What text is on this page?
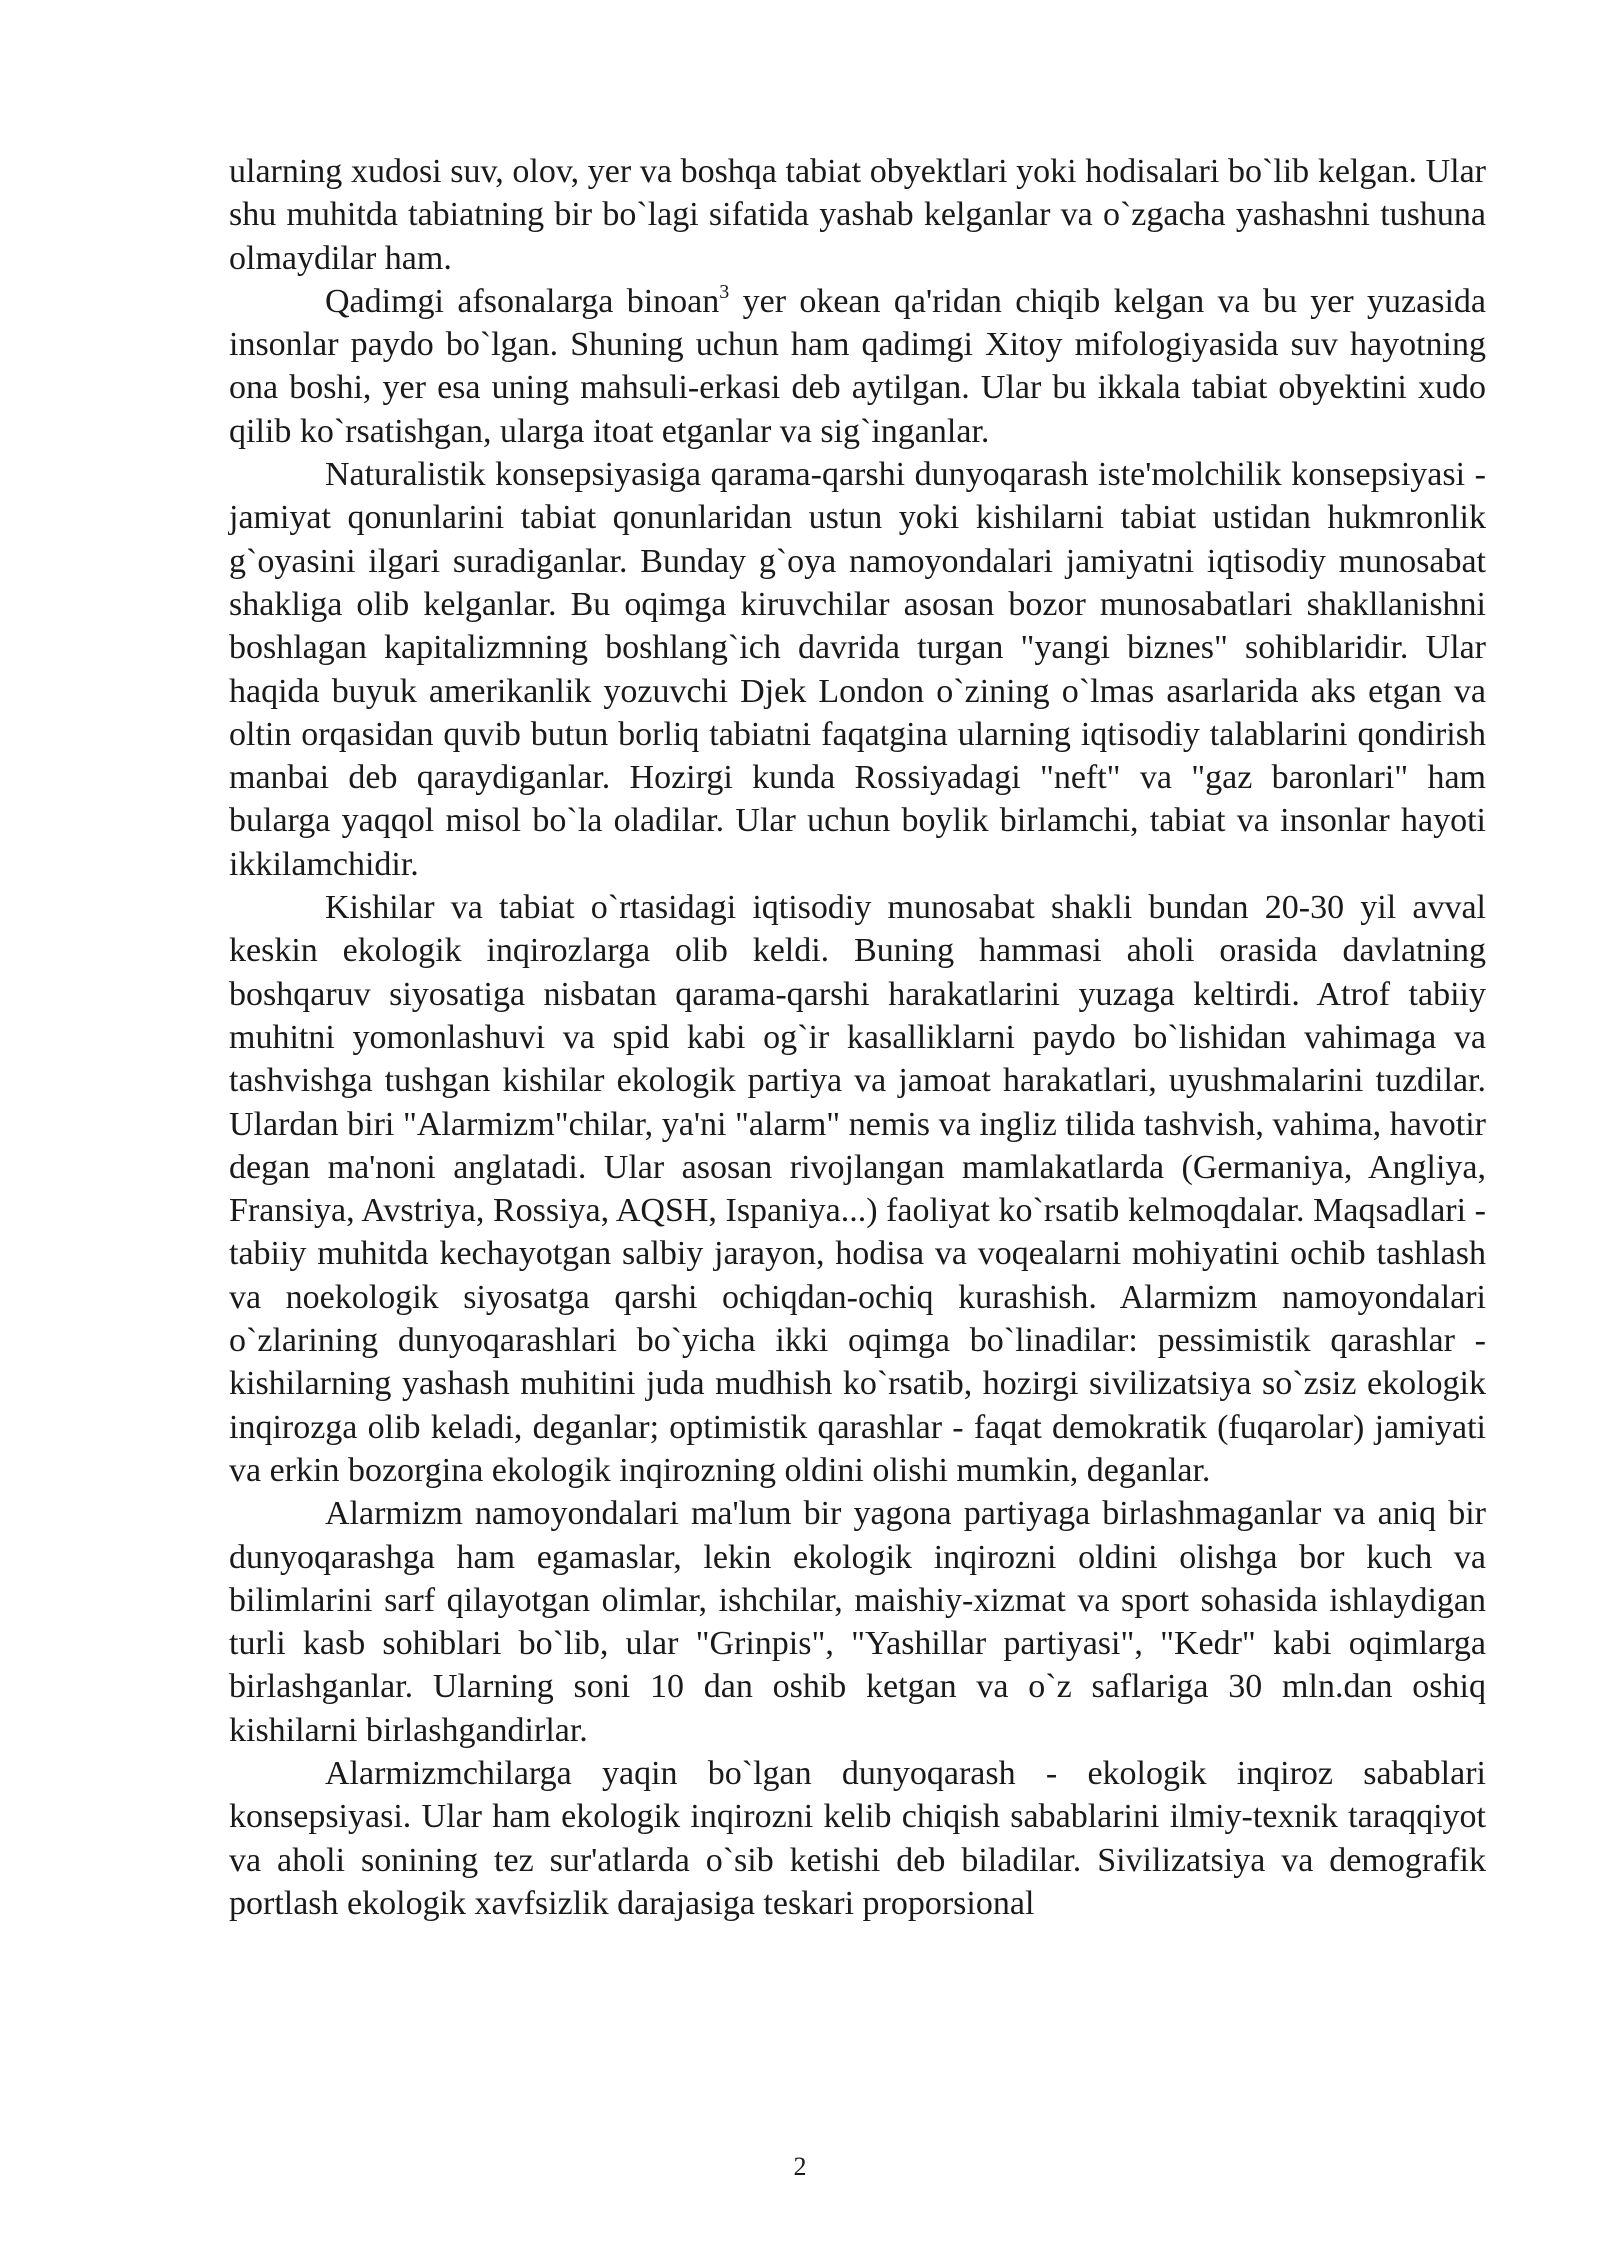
ularning xudosi suv, olov, yer va boshqa tabiat obyektlari yoki hodisalari bo`lib kelgan. Ular shu muhitda tabiatning bir bo`lagi sifatida yashab kelganlar va o`zgacha yashashni tushuna olmaydilar ham.

Qadimgi afsonalarga binoan$^3$ yer okean qa'ridan chiqib kelgan va bu yer yuzasida insonlar paydo bo`lgan. Shuning uchun ham qadimgi Xitoy mifologiyasida suv hayotning ona boshi, yer esa uning mahsuli-erkasi deb aytilgan. Ular bu ikkala tabiat obyektini xudo qilib ko`rsatishgan, ularga itoat etganlar va sig`inganlar.

Naturalistik konsepsiyasiga qarama-qarshi dunyoqarash iste'molchilik konsepsiyasi - jamiyat qonunlarini tabiat qonunlaridan ustun yoki kishilarni tabiat ustidan hukmronlik g`oyasini ilgari suradiganlar. Bunday g`oya namoyondalari jamiyatni iqtisodiy munosabat shakliga olib kelganlar. Bu oqimga kiruvchilar asosan bozor munosabatlari shakllanishni boshlagan kapitalizmning boshlang`ich davrida turgan "yangi biznes" sohiblaridir. Ular haqida buyuk amerikanlik yozuvchi Djek London o`zining o`lmas asarlarida aks etgan va oltin orqasidan quvib butun borliq tabiatni faqatgina ularning iqtisodiy talablarini qondirish manbai deb qaraydiganlar. Hozirgi kunda Rossiyadagi "neft" va "gaz baronlari" ham bularga yaqqol misol bo`la oladilar. Ular uchun boylik birlamchi, tabiat va insonlar hayoti ikkilamchidir.

Kishilar va tabiat o`rtasidagi iqtisodiy munosabat shakli bundan 20-30 yil avval keskin ekologik inqirozlarga olib keldi. Buning hammasi aholi orasida davlatning boshqaruv siyosatiga nisbatan qarama-qarshi harakatlarini yuzaga keltirdi. Atrof tabiiy muhitni yomonlashuvi va spid kabi og`ir kasalliklarni paydo bo`lishidan vahimaga va tashvishga tushgan kishilar ekologik partiya va jamoat harakatlari, uyushmalarini tuzdilar. Ulardan biri "Alarmizm"chilar, ya'ni "alarm" nemis va ingliz tilida tashvish, vahima, havotir degan ma'noni anglatadi. Ular asosan rivojlangan mamlakatlarda (Germaniya, Angliya, Fransiya, Avstriya, Rossiya, AQSH, Ispaniya...) faoliyat ko`rsatib kelmoqdalar. Maqsadlari - tabiiy muhitda kechayotgan salbiy jarayon, hodisa va voqealarni mohiyatini ochib tashlash va noekologik siyosatga qarshi ochiqdan-ochiq kurashish. Alarmizm namoyondalari o`zlarining dunyoqarashlari bo`yicha ikki oqimga bo`linadilar: pessimistik qarashlar - kishilarning yashash muhitini juda mudhish ko`rsatib, hozirgi sivilizatsiya so`zsiz ekologik inqirozga olib keladi, deganlar; optimistik qarashlar - faqat demokratik (fuqarolar) jamiyati va erkin bozorgina ekologik inqirozning oldini olishi mumkin, deganlar.

Alarmizm namoyondalari ma'lum bir yagona partiyaga birlashmaganlar va aniq bir dunyoqarashga ham egamaslar, lekin ekologik inqirozni oldini olishga bor kuch va bilimlarini sarf qilayotgan olimlar, ishchilar, maishiy-xizmat va sport sohasida ishlaydigan turli kasb sohiblari bo`lib, ular "Grinpis", "Yashillar partiyasi", "Kedr" kabi oqimlarga birlashganlar. Ularning soni 10 dan oshib ketgan va o`z saflariga 30 mln.dan oshiq kishilarni birlashgandirlar.

Alarmizmchilarga yaqin bo`lgan dunyoqarash - ekologik inqiroz sabablari konsepsiyasi. Ular ham ekologik inqirozni kelib chiqish sabablarini ilmiy-texnik taraqqiyot va aholi sonining tez sur'atlarda o`sib ketishi deb biladilar. Sivilizatsiya va demografik portlash ekologik xavfsizlik darajasiga teskari proporsional

2
